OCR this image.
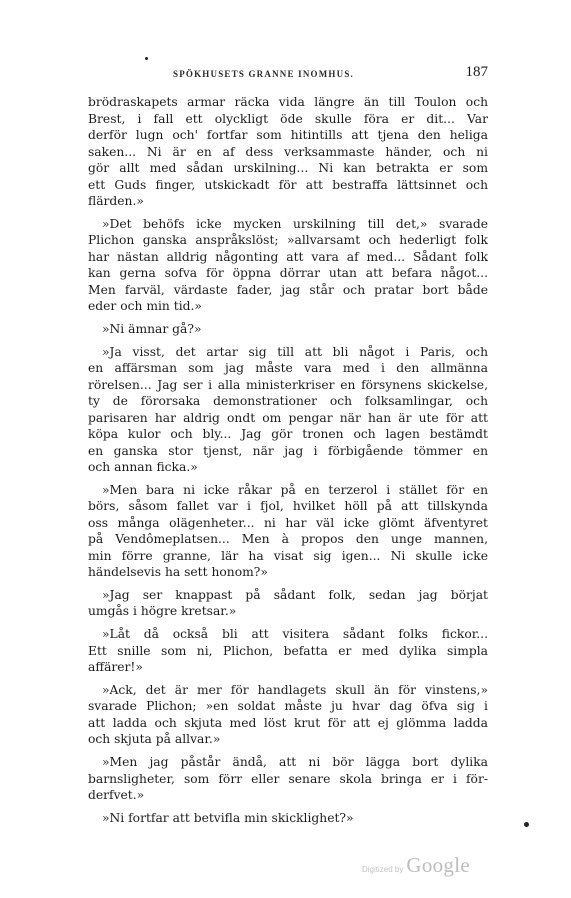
SPÖKHUSETS GRANNE INOMHUS.	187
brödraskapets armar räcka vida längre än till Toulon och
Brest, i fall ett olyckligt öde skulle föra er dit... Var
derför lugn och' fortfar som hitintills att tjena den heliga
saken... Ni är en af dess verksammaste händer, och ni
gör allt med sådan urskilning... Ni kan betrakta er som
ett Guds finger, utskickadt för att bestraffa lättsinnet och
flärden.»
»Det behöfs icke mycken urskilning till det,» svarade
Plichon ganska anspråkslöst; »allvarsamt och hederligt folk
har nästan alldrig någonting att vara af med... Sådant folk
kan gerna sofva för öppna dörrar utan att befara något...
Men farväl, värdaste fader, jag står och pratar bort både
eder och min tid.»
»Ni ämnar gå?»
»Ja visst, det artar sig till att bli något i Paris, och
en affärsman som jag måste vara med i den allmänna
rörelsen... Jag ser i alla ministerkriser en försynens skickelse,
ty de förorsaka demonstrationer och folksamlingar, och
parisaren har aldrig ondt om pengar när han är ute för att
köpa kulor och bly... Jag gör tronen och lagen bestämdt
en ganska stor tjenst, när jag i förbigående tömmer en
och annan ficka.»
»Men bara ni icke råkar på en terzerol i stället för en
börs, såsom fallet var i fjol, hvilket höll på att tillskynda
oss många olägenheter... ni har väl icke glömt äfventyret
på Vendômeplatsen... Men à propos den unge mannen,
min förre granne, lär ha visat sig igen... Ni skulle icke
händelsevis ha sett honom?»
»Jag ser knappast på sådant folk, sedan jag börjat
umgås i högre kretsar.»
»Låt då också bli att visitera sådant folks fickor...
Ett snille som ni, Plichon, befatta er med dylika simpla
affärer!»
»Ack, det är mer för handlagets skull än för vinstens,»
svarade Plichon; »en soldat måste ju hvar dag öfva sig i
att ladda och skjuta med löst krut för att ej glömma ladda
och skjuta på allvar.»
»Men jag påstår ändå, att ni bör lägga bort dylika
barnsligheter, som förr eller senare skola bringa er i för-
derfvet.»
»Ni fortfar att betvifla min skicklighet?»
Digitized by Google
